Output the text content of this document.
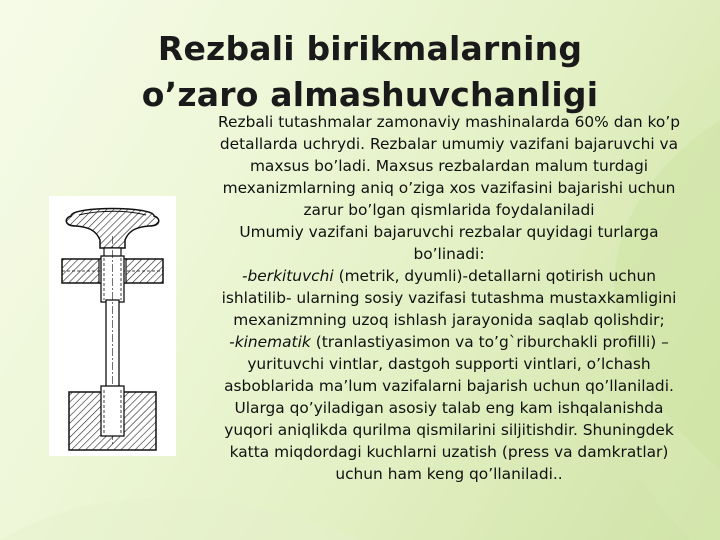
Rezbali birikmalarning
o’zaro almashuvchanligi

Rezbali tutashmalar zamonaviy mashinalarda 60% dan ko’p detallarda uchrydi. Rezbalar umumiy vazifani bajaruvchi va maxsus bo’ladi. Maxsus rezbalardan malum turdagi mexanizmlarning aniq o’ziga xos vazifasini bajarishi uchun zarur bo’lgan qismlarida foydalaniladi

Umumiy vazifani bajaruvchi rezbalar quyidagi turlarga bo’linadi:

-berkituvchi (metrik, dyumli)-detallarni qotirish uchun ishlatilib- ularning sosiy vazifasi tutashma mustaxkamligini mexanizmning uzoq ishlash jarayonida saqlab qolishdir;

-kinematik (tranlastiyasimon va to’g`riburchakli profilli) –yurituvchi vintlar, dastgoh supporti vintlari, o’lchash asboblarida ma’lum vazifalarni bajarish uchun qo’llaniladi. Ularga qo’yiladigan asosiy talab eng kam ishqalanishda yuqori aniqlikda qurilma qismilarini siljitishdir. Shuningdek katta miqdordagi kuchlarni uzatish (press va damkratlar) uchun ham keng qo’llaniladi..
